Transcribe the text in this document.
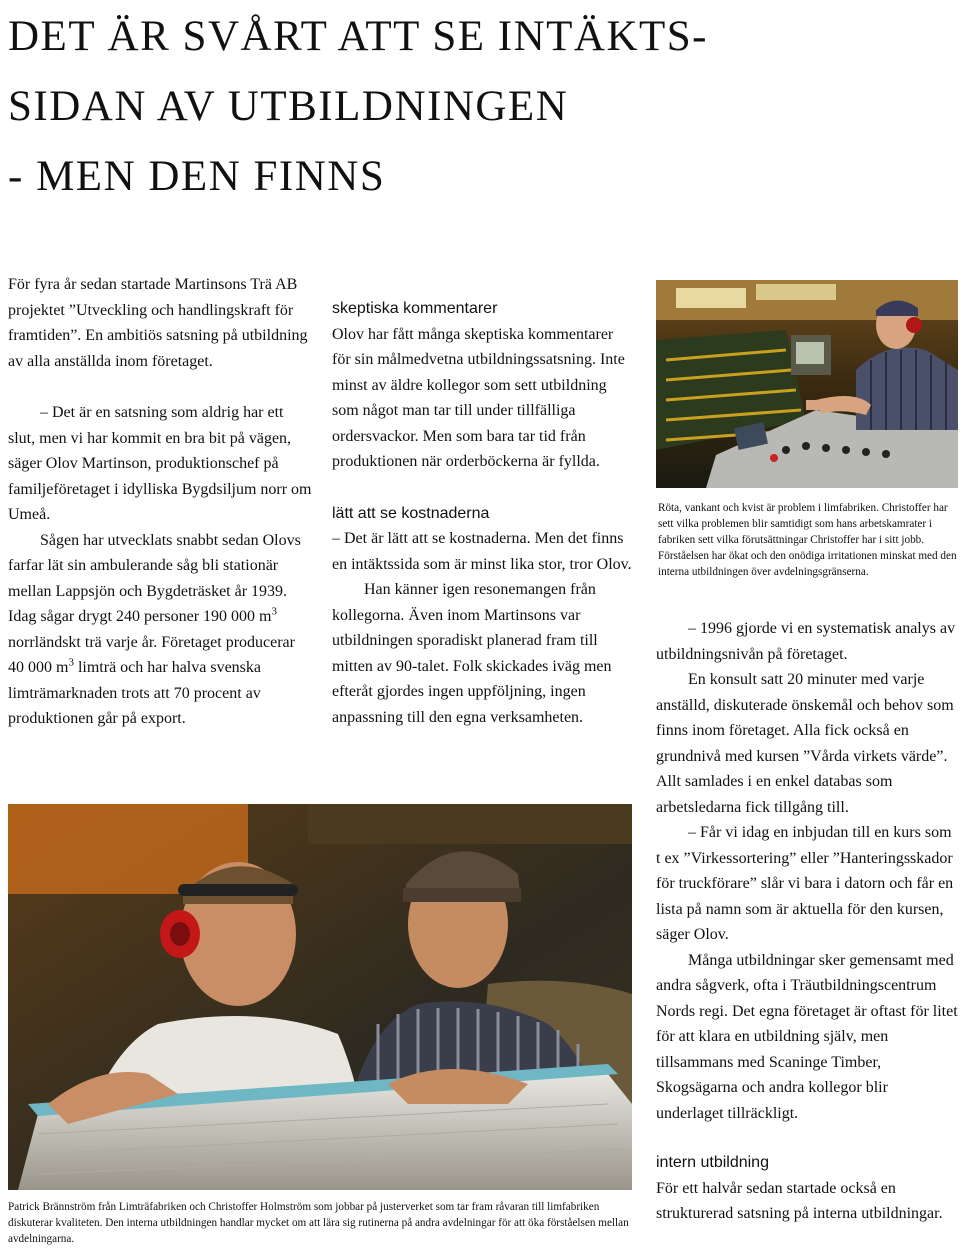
DET ÄR SVÅRT ATT SE INTÄKTS-
SIDAN AV UTBILDNINGEN
- MEN DEN FINNS

För fyra år sedan startade Martinsons Trä AB projektet ”Utveckling och handlingskraft för framtiden”. En ambitiös satsning på utbildning av alla anställda inom företaget.

– Det är en satsning som aldrig har ett slut, men vi har kommit en bra bit på vägen, säger Olov Martinson, produktionschef på familjeföretaget i idylliska Bygdsiljum norr om Umeå.

Sågen har utvecklats snabbt sedan Olovs farfar lät sin ambulerande såg bli stationär mellan Lappsjön och Bygdeträsket år 1939. Idag sågar drygt 240 personer 190 000 $m^3$ norrländskt trä varje år. Företaget producerar 40 000 $m^3$ limträ och har halva svenska limträmarknaden trots att 70 procent av produktionen går på export.

skeptiska kommentarer

Olov har fått många skeptiska kommentarer för sin målmedvetna utbildningssatsning. Inte minst av äldre kollegor som sett utbildning som något man tar till under tillfälliga ordersvackor. Men som bara tar tid från produktionen när orderböckerna är fyllda.

lätt att se kostnaderna

– Det är lätt att se kostnaderna. Men det finns en intäktssida som är minst lika stor, tror Olov.

Han känner igen resonemangen från kollegorna. Även inom Martinsons var utbildningen sporadiskt planerad fram till mitten av 90-talet. Folk skickades iväg men efteråt gjordes ingen uppföljning, ingen anpassning till den egna verksamheten.

Röta, vankant och kvist är problem i limfabriken. Christoffer har sett vilka problemen blir samtidigt som hans arbetskamrater i fabriken sett vilka förutsättningar Christoffer har i sitt jobb. Förståelsen har ökat och den onödiga irritationen minskat med den interna utbildningen över avdelningsgränserna.

– 1996 gjorde vi en systematisk analys av utbildningsnivån på företaget.

En konsult satt 20 minuter med varje anställd, diskuterade önskemål och behov som finns inom företaget. Alla fick också en grundnivå med kursen ”Vårda virkets värde”. Allt samlades i en enkel databas som arbetsledarna fick tillgång till.

– Får vi idag en inbjudan till en kurs som t ex ”Virkessortering” eller ”Hanteringsskador för truckförare” slår vi bara i datorn och får en lista på namn som är aktuella för den kursen, säger Olov.

Många utbildningar sker gemensamt med andra sågverk, ofta i Träutbildningscentrum Nords regi. Det egna företaget är oftast för litet för att klara en utbildning själv, men tillsammans med Scaninge Timber, Skogsägarna och andra kollegor blir underlaget tillräckligt.

intern utbildning

För ett halvår sedan startade också en strukturerad satsning på interna utbildningar.

Patrick Brännström från Limträfabriken och Christoffer Holmström som jobbar på justerverket som tar fram råvaran till limfabriken diskuterar kvaliteten. Den interna utbildningen handlar mycket om att lära sig rutinerna på andra avdelningar för att öka förståelsen mellan avdelningarna.
